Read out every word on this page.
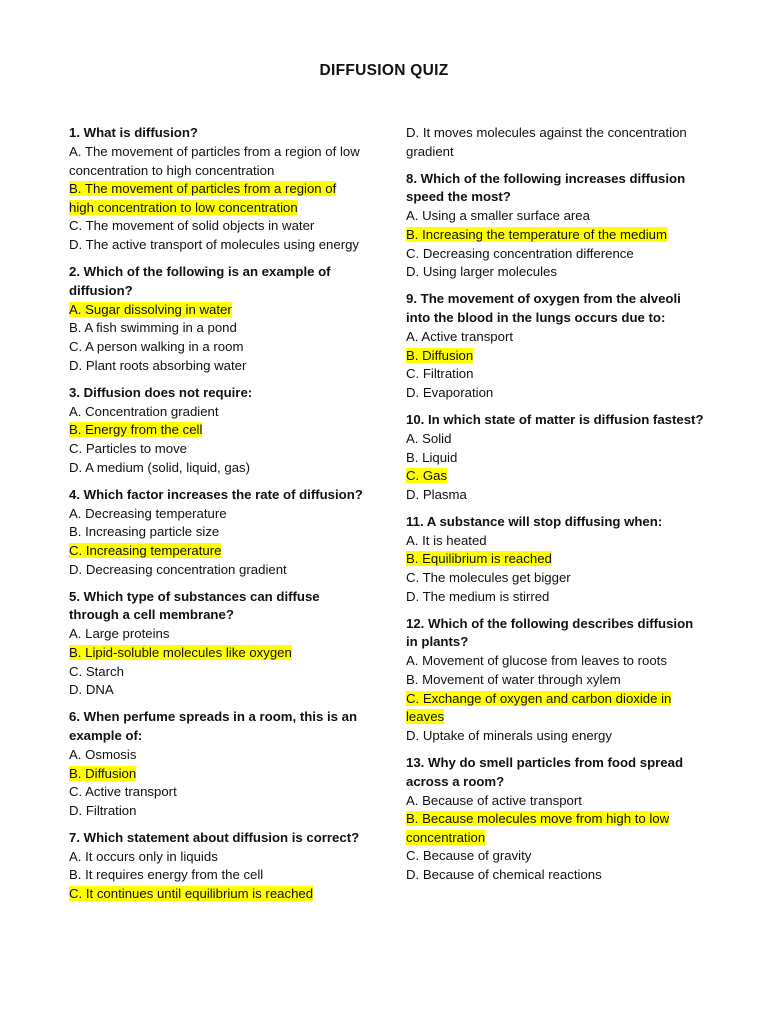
DIFFUSION QUIZ
1. What is diffusion?
A. The movement of particles from a region of low concentration to high concentration
B. The movement of particles from a region of high concentration to low concentration
C. The movement of solid objects in water
D. The active transport of molecules using energy
2. Which of the following is an example of diffusion?
A. Sugar dissolving in water
B. A fish swimming in a pond
C. A person walking in a room
D. Plant roots absorbing water
3. Diffusion does not require:
A. Concentration gradient
B. Energy from the cell
C. Particles to move
D. A medium (solid, liquid, gas)
4. Which factor increases the rate of diffusion?
A. Decreasing temperature
B. Increasing particle size
C. Increasing temperature
D. Decreasing concentration gradient
5. Which type of substances can diffuse through a cell membrane?
A. Large proteins
B. Lipid-soluble molecules like oxygen
C. Starch
D. DNA
6. When perfume spreads in a room, this is an example of:
A. Osmosis
B. Diffusion
C. Active transport
D. Filtration
7. Which statement about diffusion is correct?
A. It occurs only in liquids
B. It requires energy from the cell
C. It continues until equilibrium is reached
D. It moves molecules against the concentration gradient
8. Which of the following increases diffusion speed the most?
A. Using a smaller surface area
B. Increasing the temperature of the medium
C. Decreasing concentration difference
D. Using larger molecules
9. The movement of oxygen from the alveoli into the blood in the lungs occurs due to:
A. Active transport
B. Diffusion
C. Filtration
D. Evaporation
10. In which state of matter is diffusion fastest?
A. Solid
B. Liquid
C. Gas
D. Plasma
11. A substance will stop diffusing when:
A. It is heated
B. Equilibrium is reached
C. The molecules get bigger
D. The medium is stirred
12. Which of the following describes diffusion in plants?
A. Movement of glucose from leaves to roots
B. Movement of water through xylem
C. Exchange of oxygen and carbon dioxide in leaves
D. Uptake of minerals using energy
13. Why do smell particles from food spread across a room?
A. Because of active transport
B. Because molecules move from high to low concentration
C. Because of gravity
D. Because of chemical reactions
